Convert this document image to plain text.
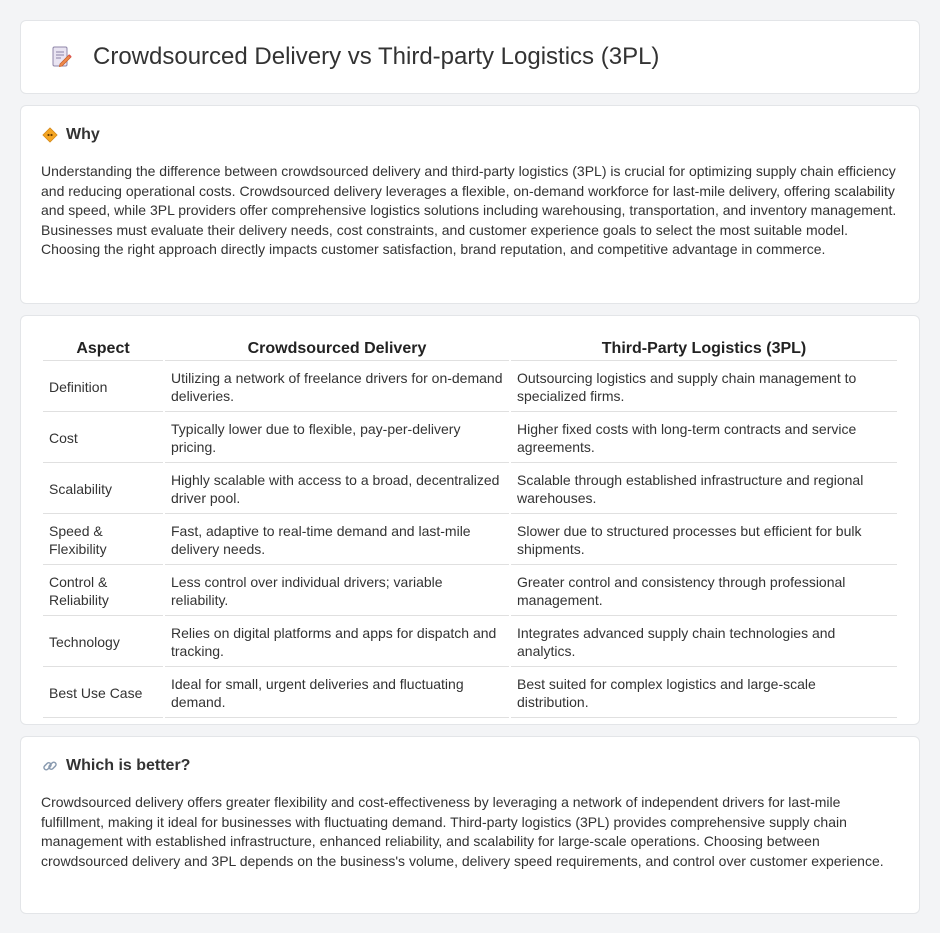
Crowdsourced Delivery vs Third-party Logistics (3PL)
Why

Understanding the difference between crowdsourced delivery and third-party logistics (3PL) is crucial for optimizing supply chain efficiency and reducing operational costs. Crowdsourced delivery leverages a flexible, on-demand workforce for last-mile delivery, offering scalability and speed, while 3PL providers offer comprehensive logistics solutions including warehousing, transportation, and inventory management. Businesses must evaluate their delivery needs, cost constraints, and customer experience goals to select the most suitable model. Choosing the right approach directly impacts customer satisfaction, brand reputation, and competitive advantage in commerce.

Aspect	Crowdsourced Delivery	Third-Party Logistics (3PL)
Definition	Utilizing a network of freelance drivers for on-demand deliveries.	Outsourcing logistics and supply chain management to specialized firms.
Cost	Typically lower due to flexible, pay-per-delivery pricing.	Higher fixed costs with long-term contracts and service agreements.
Scalability	Highly scalable with access to a broad, decentralized driver pool.	Scalable through established infrastructure and regional warehouses.
Speed & Flexibility	Fast, adaptive to real-time demand and last-mile delivery needs.	Slower due to structured processes but efficient for bulk shipments.
Control & Reliability	Less control over individual drivers; variable reliability.	Greater control and consistency through professional management.
Technology	Relies on digital platforms and apps for dispatch and tracking.	Integrates advanced supply chain technologies and analytics.
Best Use Case	Ideal for small, urgent deliveries and fluctuating demand.	Best suited for complex logistics and large-scale distribution.
Which is better?

Crowdsourced delivery offers greater flexibility and cost-effectiveness by leveraging a network of independent drivers for last-mile fulfillment, making it ideal for businesses with fluctuating demand. Third-party logistics (3PL) provides comprehensive supply chain management with established infrastructure, enhanced reliability, and scalability for large-scale operations. Choosing between crowdsourced delivery and 3PL depends on the business's volume, delivery speed requirements, and control over customer experience.
